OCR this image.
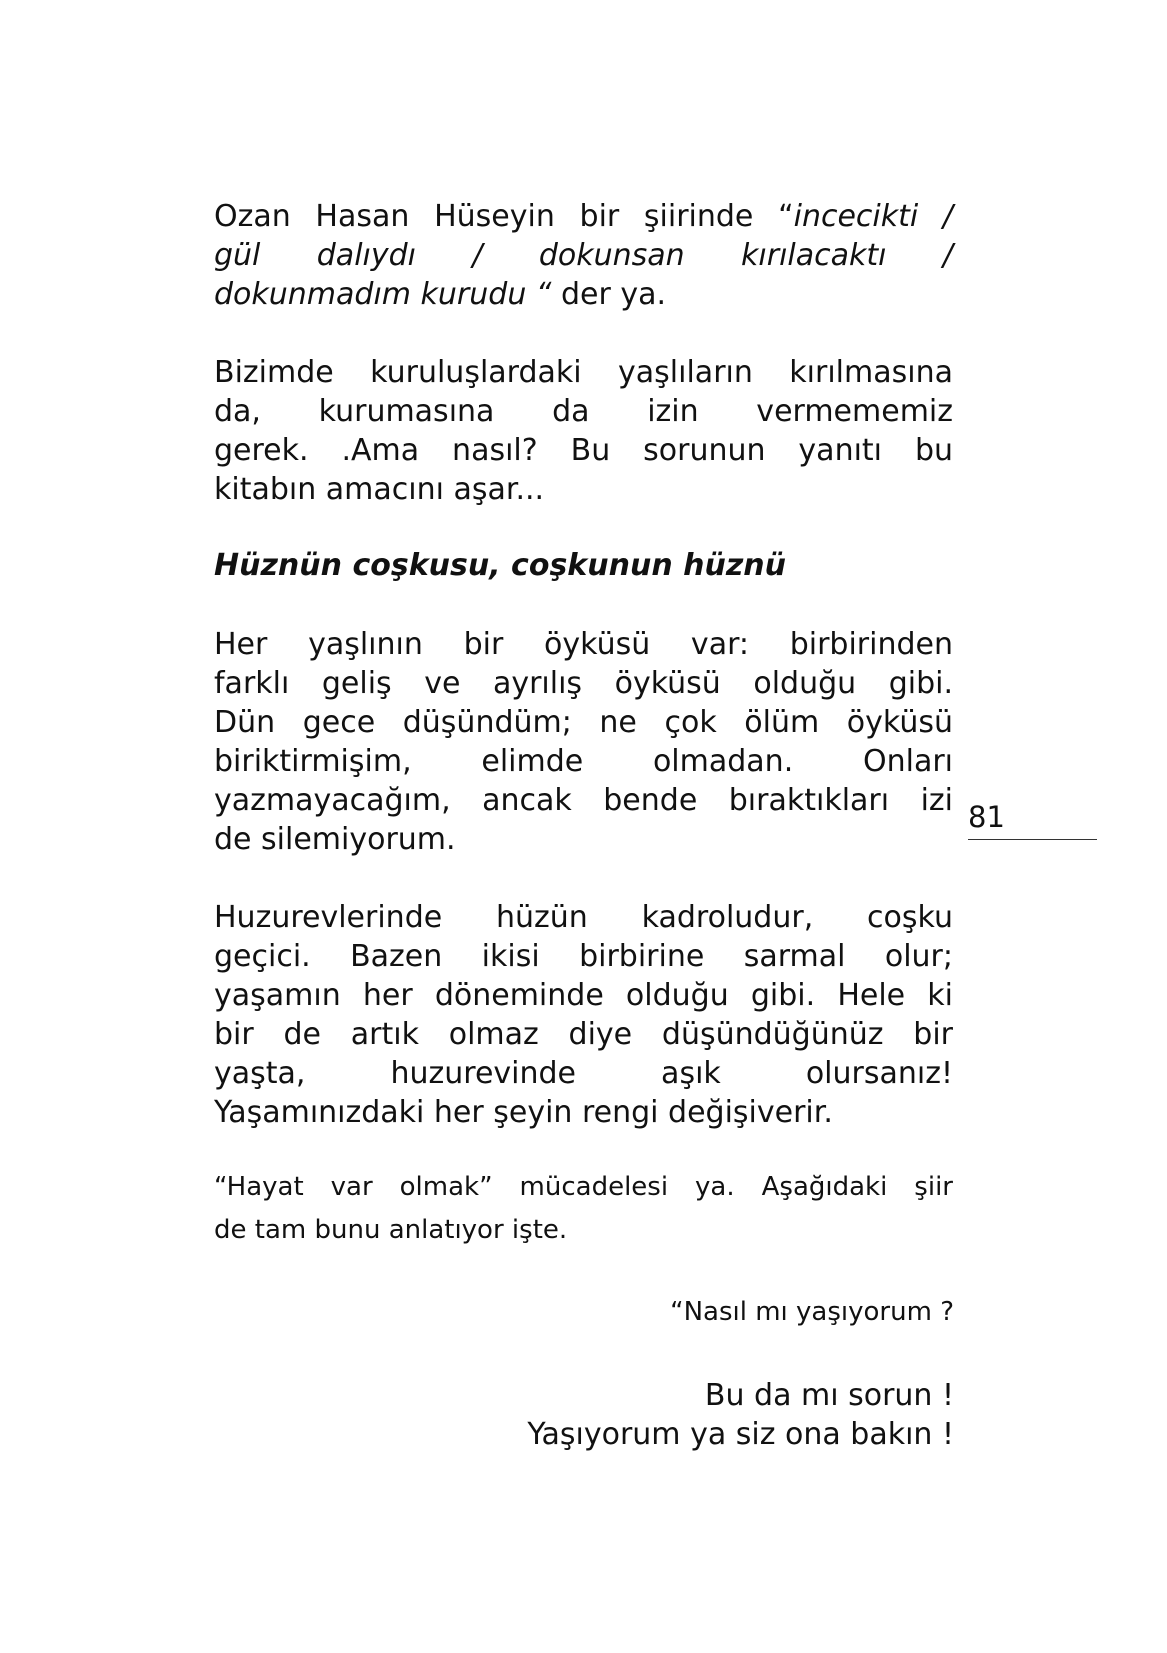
Ozan Hasan Hüseyin bir şiirinde “incecikti /
gül dalıydı / dokunsan kırılacaktı /
dokunmadım kurudu “ der ya.
Bizimde kuruluşlardaki yaşlıların kırılmasına
da, kurumasına da izin vermememiz
gerek. .Ama nasıl? Bu sorunun yanıtı bu
kitabın amacını aşar...
Hüznün coşkusu, coşkunun hüznü
Her yaşlının bir öyküsü var: birbirinden
farklı geliş ve ayrılış öyküsü olduğu gibi.
Dün gece düşündüm; ne çok ölüm öyküsü
biriktirmişim, elimde olmadan. Onları
yazmayacağım, ancak bende bıraktıkları izi
de silemiyorum.
Huzurevlerinde hüzün kadroludur, coşku
geçici. Bazen ikisi birbirine sarmal olur;
yaşamın her döneminde olduğu gibi. Hele ki
bir de artık olmaz diye düşündüğünüz bir
yaşta, huzurevinde aşık olursanız!
Yaşamınızdaki her şeyin rengi değişiverir.
“Hayat var olmak” mücadelesi ya. Aşağıdaki şiir
de tam bunu anlatıyor işte.
“Nasıl mı yaşıyorum ?
Bu da mı sorun !
Yaşıyorum ya siz ona bakın !
81
